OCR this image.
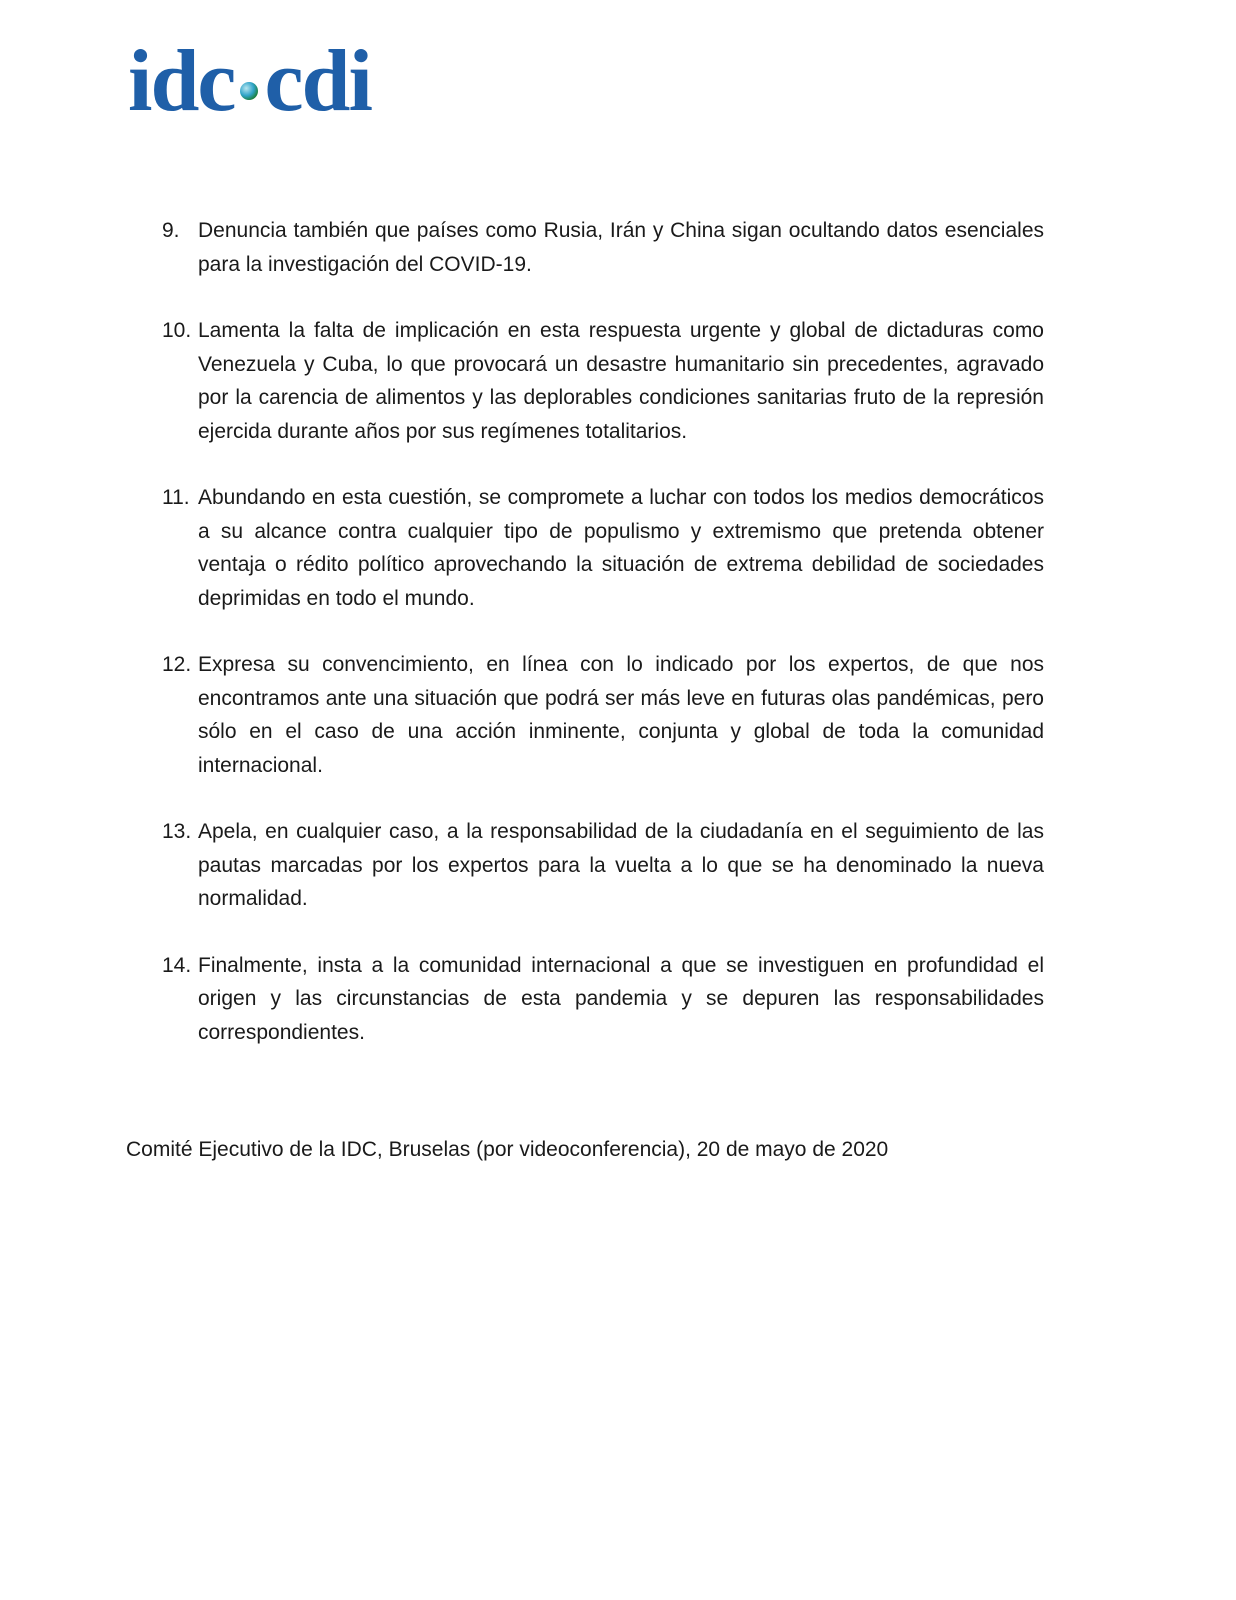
idc cdi
9. Denuncia también que países como Rusia, Irán y China sigan ocultando datos esenciales para la investigación del COVID-19.
10. Lamenta la falta de implicación en esta respuesta urgente y global de dictaduras como Venezuela y Cuba, lo que provocará un desastre humanitario sin precedentes, agravado por la carencia de alimentos y las deplorables condiciones sanitarias fruto de la represión ejercida durante años por sus regímenes totalitarios.
11. Abundando en esta cuestión, se compromete a luchar con todos los medios democráticos a su alcance contra cualquier tipo de populismo y extremismo que pretenda obtener ventaja o rédito político aprovechando la situación de extrema debilidad de sociedades deprimidas en todo el mundo.
12. Expresa su convencimiento, en línea con lo indicado por los expertos, de que nos encontramos ante una situación que podrá ser más leve en futuras olas pandémicas, pero sólo en el caso de una acción inminente, conjunta y global de toda la comunidad internacional.
13. Apela, en cualquier caso, a la responsabilidad de la ciudadanía en el seguimiento de las pautas marcadas por los expertos para la vuelta a lo que se ha denominado la nueva normalidad.
14. Finalmente, insta a la comunidad internacional a que se investiguen en profundidad el origen y las circunstancias de esta pandemia y se depuren las responsabilidades correspondientes.
Comité Ejecutivo de la IDC, Bruselas (por videoconferencia), 20 de mayo de 2020
